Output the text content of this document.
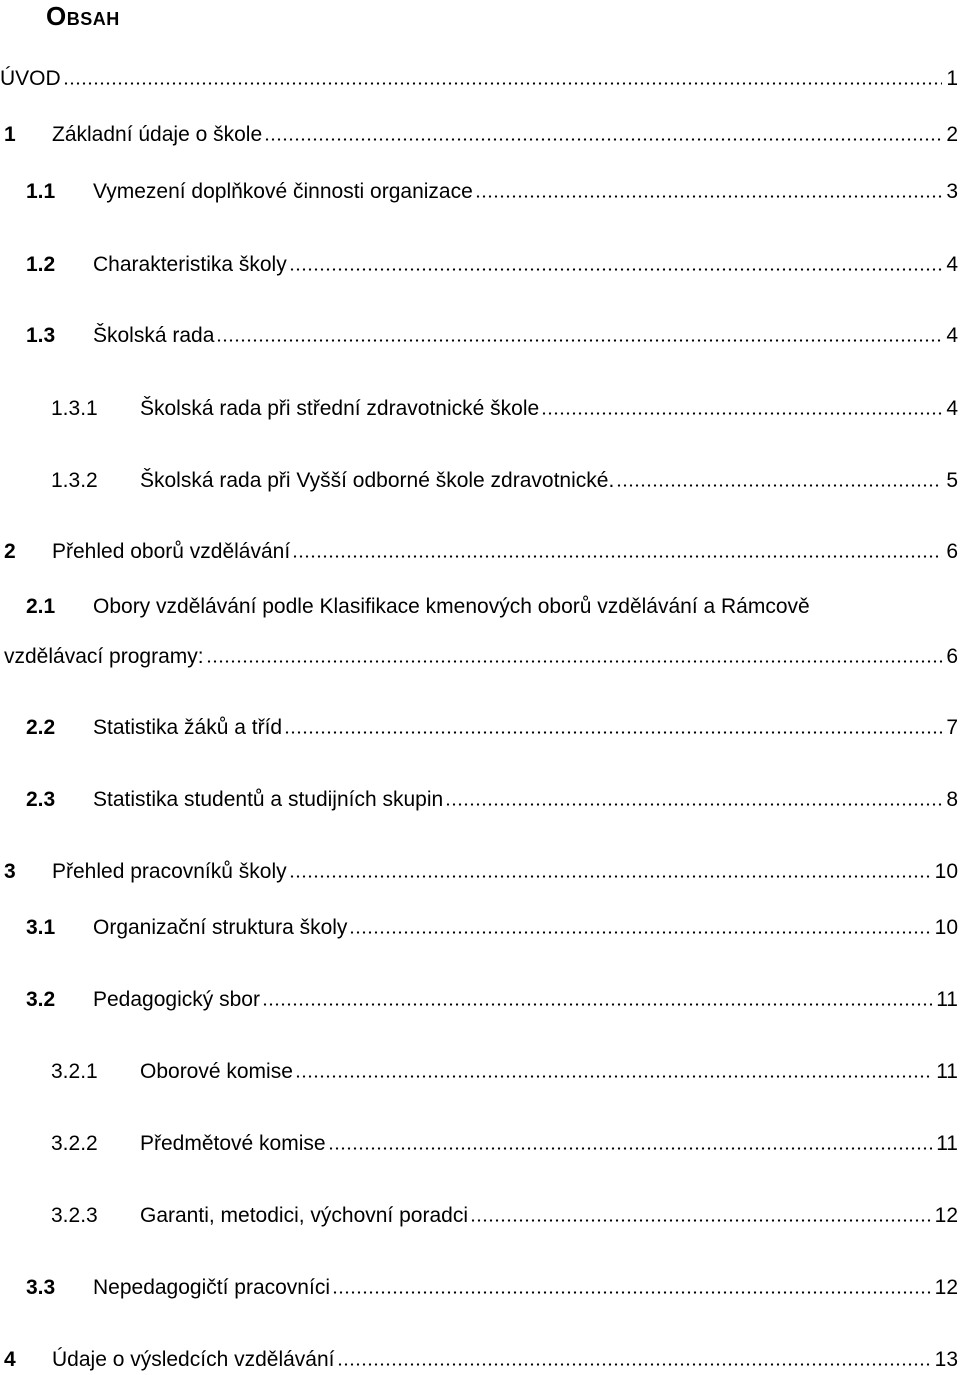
Obsah
ÚVOD	1
1	Základní údaje o škole	2
1.1	Vymezení doplňkové činnosti organizace	3
1.2	Charakteristika školy	4
1.3	Školská rada	4
1.3.1	Školská rada při střední zdravotnické škole	4
1.3.2	Školská rada při Vyšší odborné škole zdravotnické.	5
2	Přehled oborů vzdělávání	6
2.1	Obory vzdělávání podle Klasifikace kmenových oborů vzdělávání a Rámcově
vzdělávací programy:	6
2.2	Statistika žáků a tříd	7
2.3	Statistika studentů a studijních skupin	8
3	Přehled pracovníků školy	10
3.1	Organizační struktura školy	10
3.2	Pedagogický sbor	11
3.2.1	Oborové komise	11
3.2.2	Předmětové komise	11
3.2.3	Garanti, metodici, výchovní poradci	12
3.3	Nepedagogičtí pracovníci	12
4	Údaje o výsledcích vzdělávání	13
